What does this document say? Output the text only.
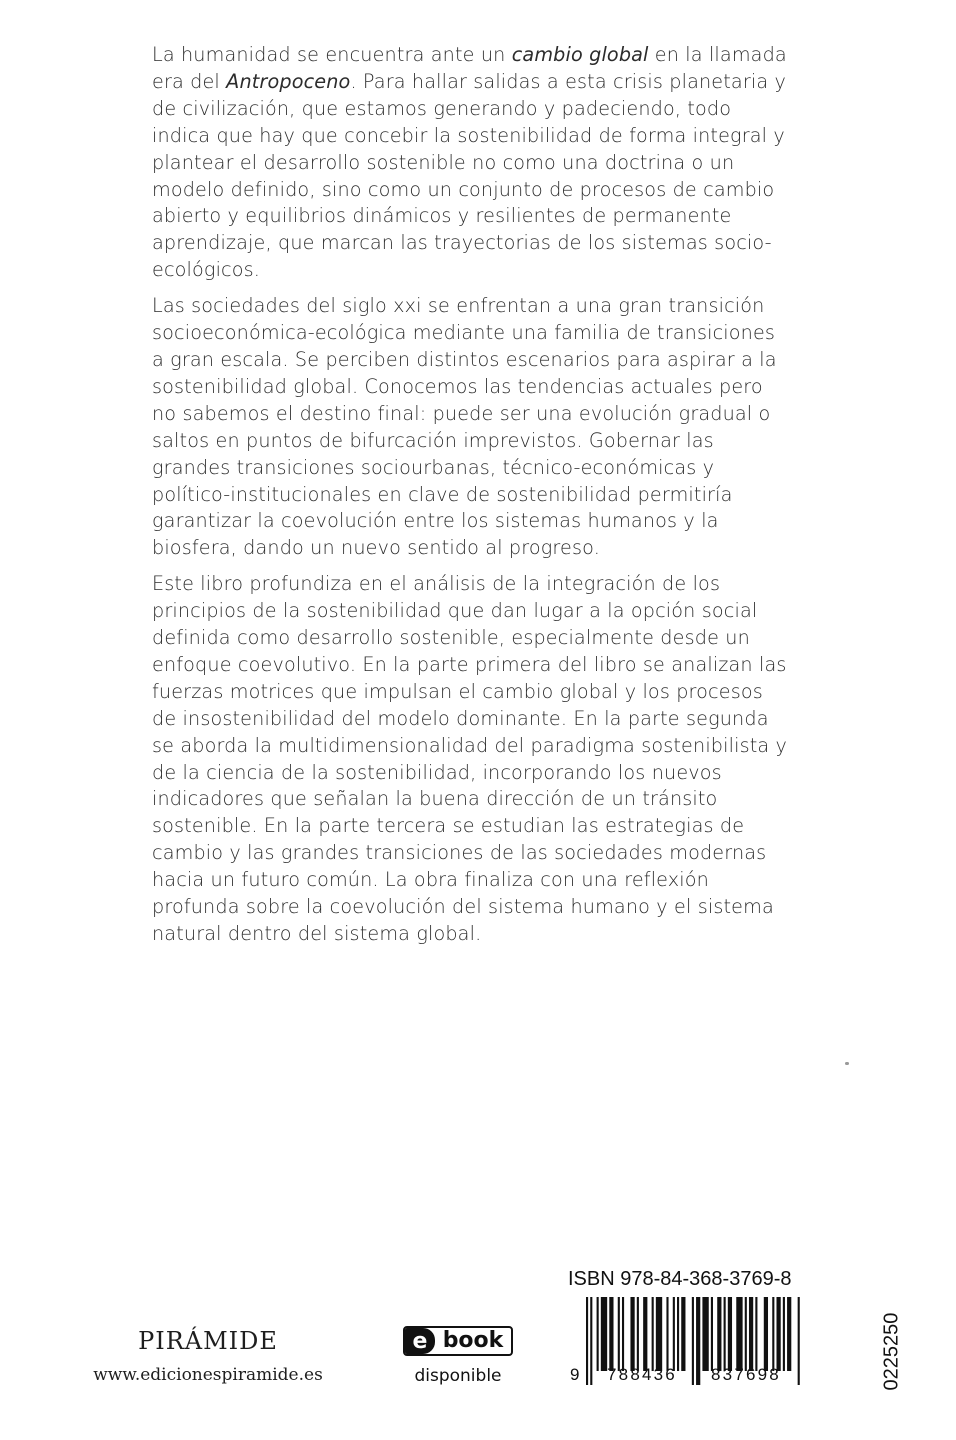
La humanidad se encuentra ante un cambio global en la llamada era del Antropoceno. Para hallar salidas a esta crisis planetaria y de civilización, que estamos generando y padeciendo, todo indica que hay que concebir la sostenibilidad de forma integral y plantear el desarrollo sostenible no como una doctrina o un modelo definido, sino como un conjunto de procesos de cambio abierto y equilibrios dinámicos y resilientes de permanente aprendizaje, que marcan las trayectorias de los sistemas socio-ecológicos.

Las sociedades del siglo xxi se enfrentan a una gran transición socioeconómica-ecológica mediante una familia de transiciones a gran escala. Se perciben distintos escenarios para aspirar a la sostenibilidad global. Conocemos las tendencias actuales pero no sabemos el destino final: puede ser una evolución gradual o saltos en puntos de bifurcación imprevistos. Gobernar las grandes transiciones sociourbanas, técnico-económicas y político-institucionales en clave de sostenibilidad permitiría garantizar la coevolución entre los sistemas humanos y la biosfera, dando un nuevo sentido al progreso.

Este libro profundiza en el análisis de la integración de los principios de la sostenibilidad que dan lugar a la opción social definida como desarrollo sostenible, especialmente desde un enfoque coevolutivo. En la parte primera del libro se analizan las fuerzas motrices que impulsan el cambio global y los procesos de insostenibilidad del modelo dominante. En la parte segunda se aborda la multidimensionalidad del paradigma sostenibilista y de la ciencia de la sostenibilidad, incorporando los nuevos indicadores que señalan la buena dirección de un tránsito sostenible. En la parte tercera se estudian las estrategias de cambio y las grandes transiciones de las sociedades modernas hacia un futuro común. La obra finaliza con una reflexión profunda sobre la coevolución del sistema humano y el sistema natural dentro del sistema global.

PIRÁMIDE
www.edicionespiramide.es
e book
disponible
ISBN 978-84-368-3769-8
9	788436	837698	0225250
